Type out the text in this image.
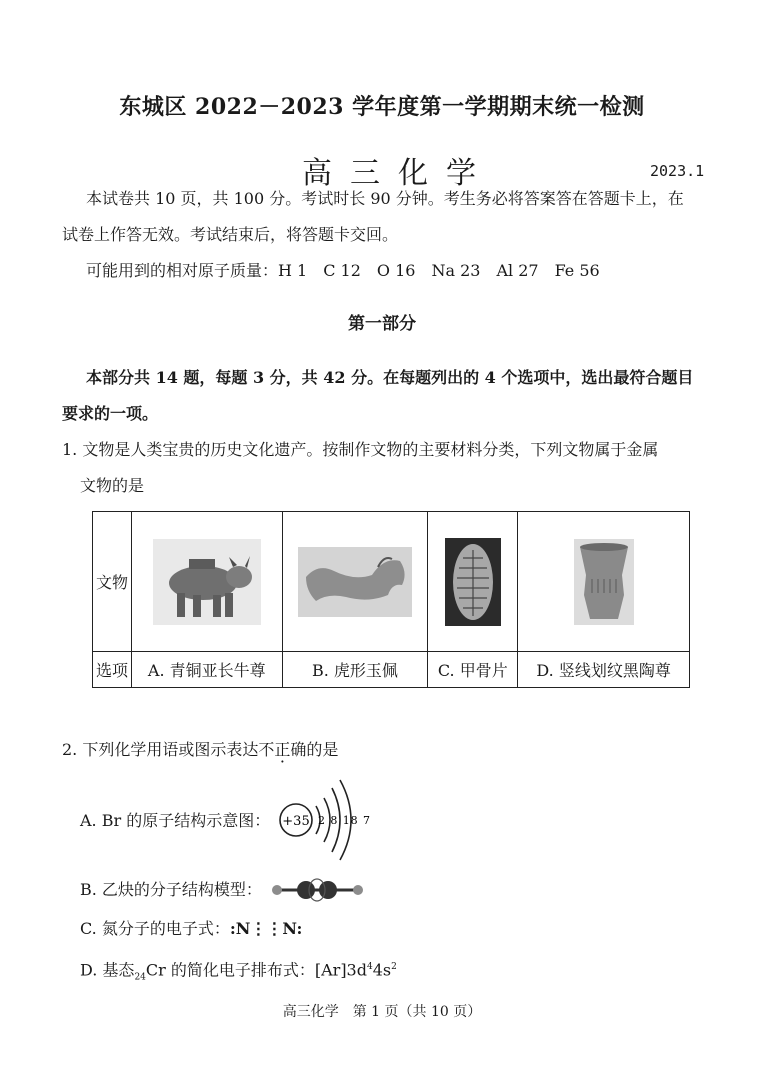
东城区 2022－2023 学年度第一学期期末统一检测
高三化学	2023.1
本试卷共 10 页，共 100 分。考试时长 90 分钟。考生务必将答案答在答题卡上，在
试卷上作答无效。考试结束后，将答题卡交回。
可能用到的相对原子质量：H 1　C 12　O 16　Na 23　Al 27　Fe 56
第一部分
本部分共 14 题，每题 3 分，共 42 分。在每题列出的 4 个选项中，选出最符合题目
要求的一项。
1. 文物是人类宝贵的历史文化遗产。按制作文物的主要材料分类，下列文物属于金属
文物的是
文物	

选项	A. 青铜亚长牛尊	B. 虎形玉佩	C. 甲骨片	D. 竖线划纹黑陶尊
2. 下列化学用语或图示表达不正确的是
A. Br 的原子结构示意图： +35 2 8 18 7
B. 乙炔的分子结构模型：
C. 氮分子的电子式：:N⋮⋮N:
D. 基态$_{24}$Cr 的简化电子排布式：$[Ar]3d^44s^2$
高三化学　第 1 页（共 10 页）
